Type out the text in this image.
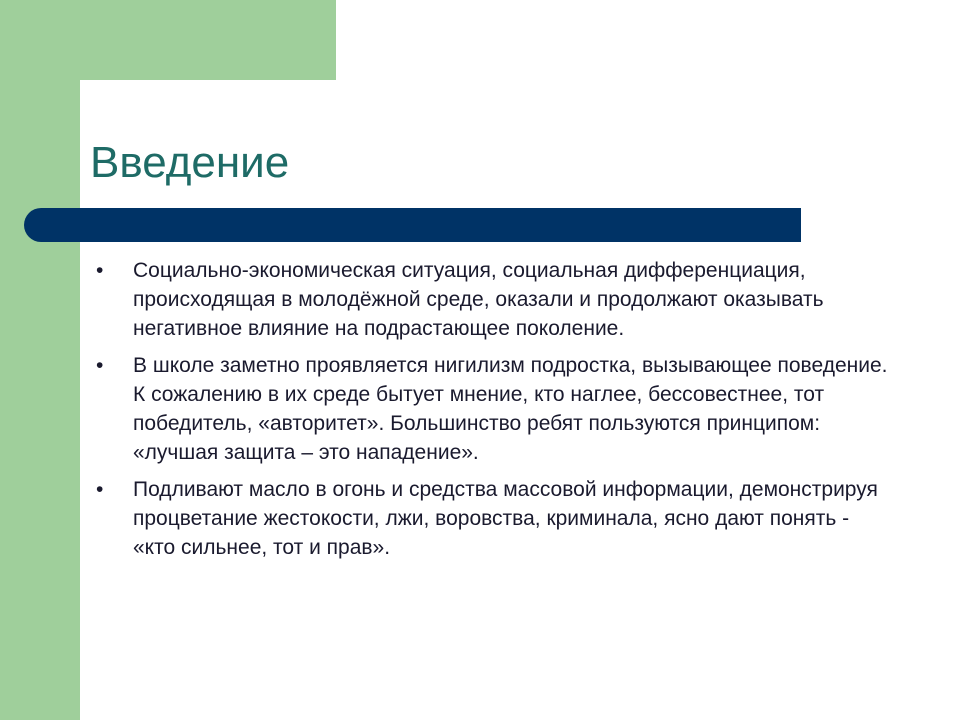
Введение
• Социально-экономическая ситуация, социальная дифференциация, происходящая в молодёжной среде, оказали и продолжают оказывать негативное влияние на подрастающее поколение.
• В школе заметно проявляется нигилизм подростка, вызывающее поведение. К сожалению в их среде бытует мнение, кто наглее, бессовестнее, тот победитель, «авторитет». Большинство ребят пользуются принципом: «лучшая защита – это нападение».
• Подливают масло в огонь и средства массовой информации, демонстрируя процветание жестокости, лжи, воровства, криминала, ясно дают понять - «кто сильнее, тот и прав».
